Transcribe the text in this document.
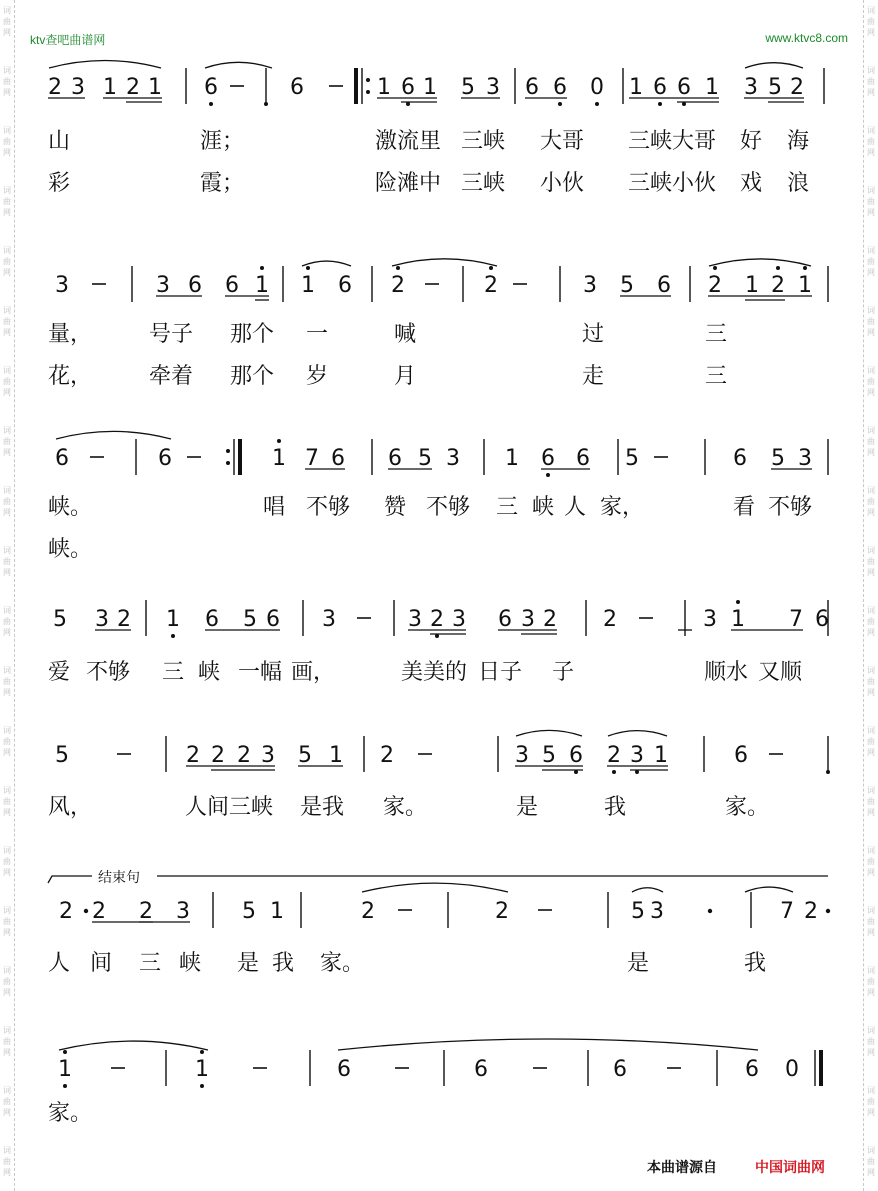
词
曲
网
词
曲
网
词
曲
网
词
曲
网
词
曲
网
词
曲
网
词
曲
网
词
曲
网
词
曲
网
词
曲
网
词
曲
网
词
曲
网
词
曲
网
词
曲
网
词
曲
网
词
曲
网
词
曲
网
词
曲
网
词
曲
网
词
曲
网
词
曲
网
词
曲
网
词
曲
网
词
曲
网
词
曲
网
词
曲
网
词
曲
网
词
曲
网
词
曲
网
词
曲
网
词
曲
网
词
曲
网
词
曲
网
词
曲
网
词
曲
网
词
曲
网
词
曲
网
词
曲
网
词
曲
网
词
曲
网
ktv查吧曲谱网	www.ktvc8.com
2 3 1 2 1 6	6	1 6 1 5 3 6 6 0 1 6 6 1 3 5 2
3	3 6 6 1 1 6 2	2	3 5 6 2 1 2 1
6	6	1 7 6 6 5 3 1 6 6 5	6 5 3
5 3 2 1 6 5 6 3	3 2 3 6 3 2 2	3 1 7 6
5	2 2 2 3 5 1 2	3 5 6 2 3 1	6
2 2 2 3 5 1	2	2	5 3	7 2
1	1	6	6	6	6 0
结束句
山	涯；	激流里 三峡 大哥 三峡大哥 好 海
彩	霞；	险滩中 三峡 小伙 三峡小伙 戏 浪
量，	号子 那个 一	喊	过	三
花，	牵着 那个 岁	月	走	三
峡。	唱 不够 赞 不够 三 峡 人 家，	看 不够
峡。
爱 不够 三 峡 一幅 画，	美美的 日子 子	顺水 又顺
风，	人间三峡 是我 家。	是	我	家。
人 间 三 峡 是 我 家。	是	我
家。
本曲谱源自	中国词曲网
